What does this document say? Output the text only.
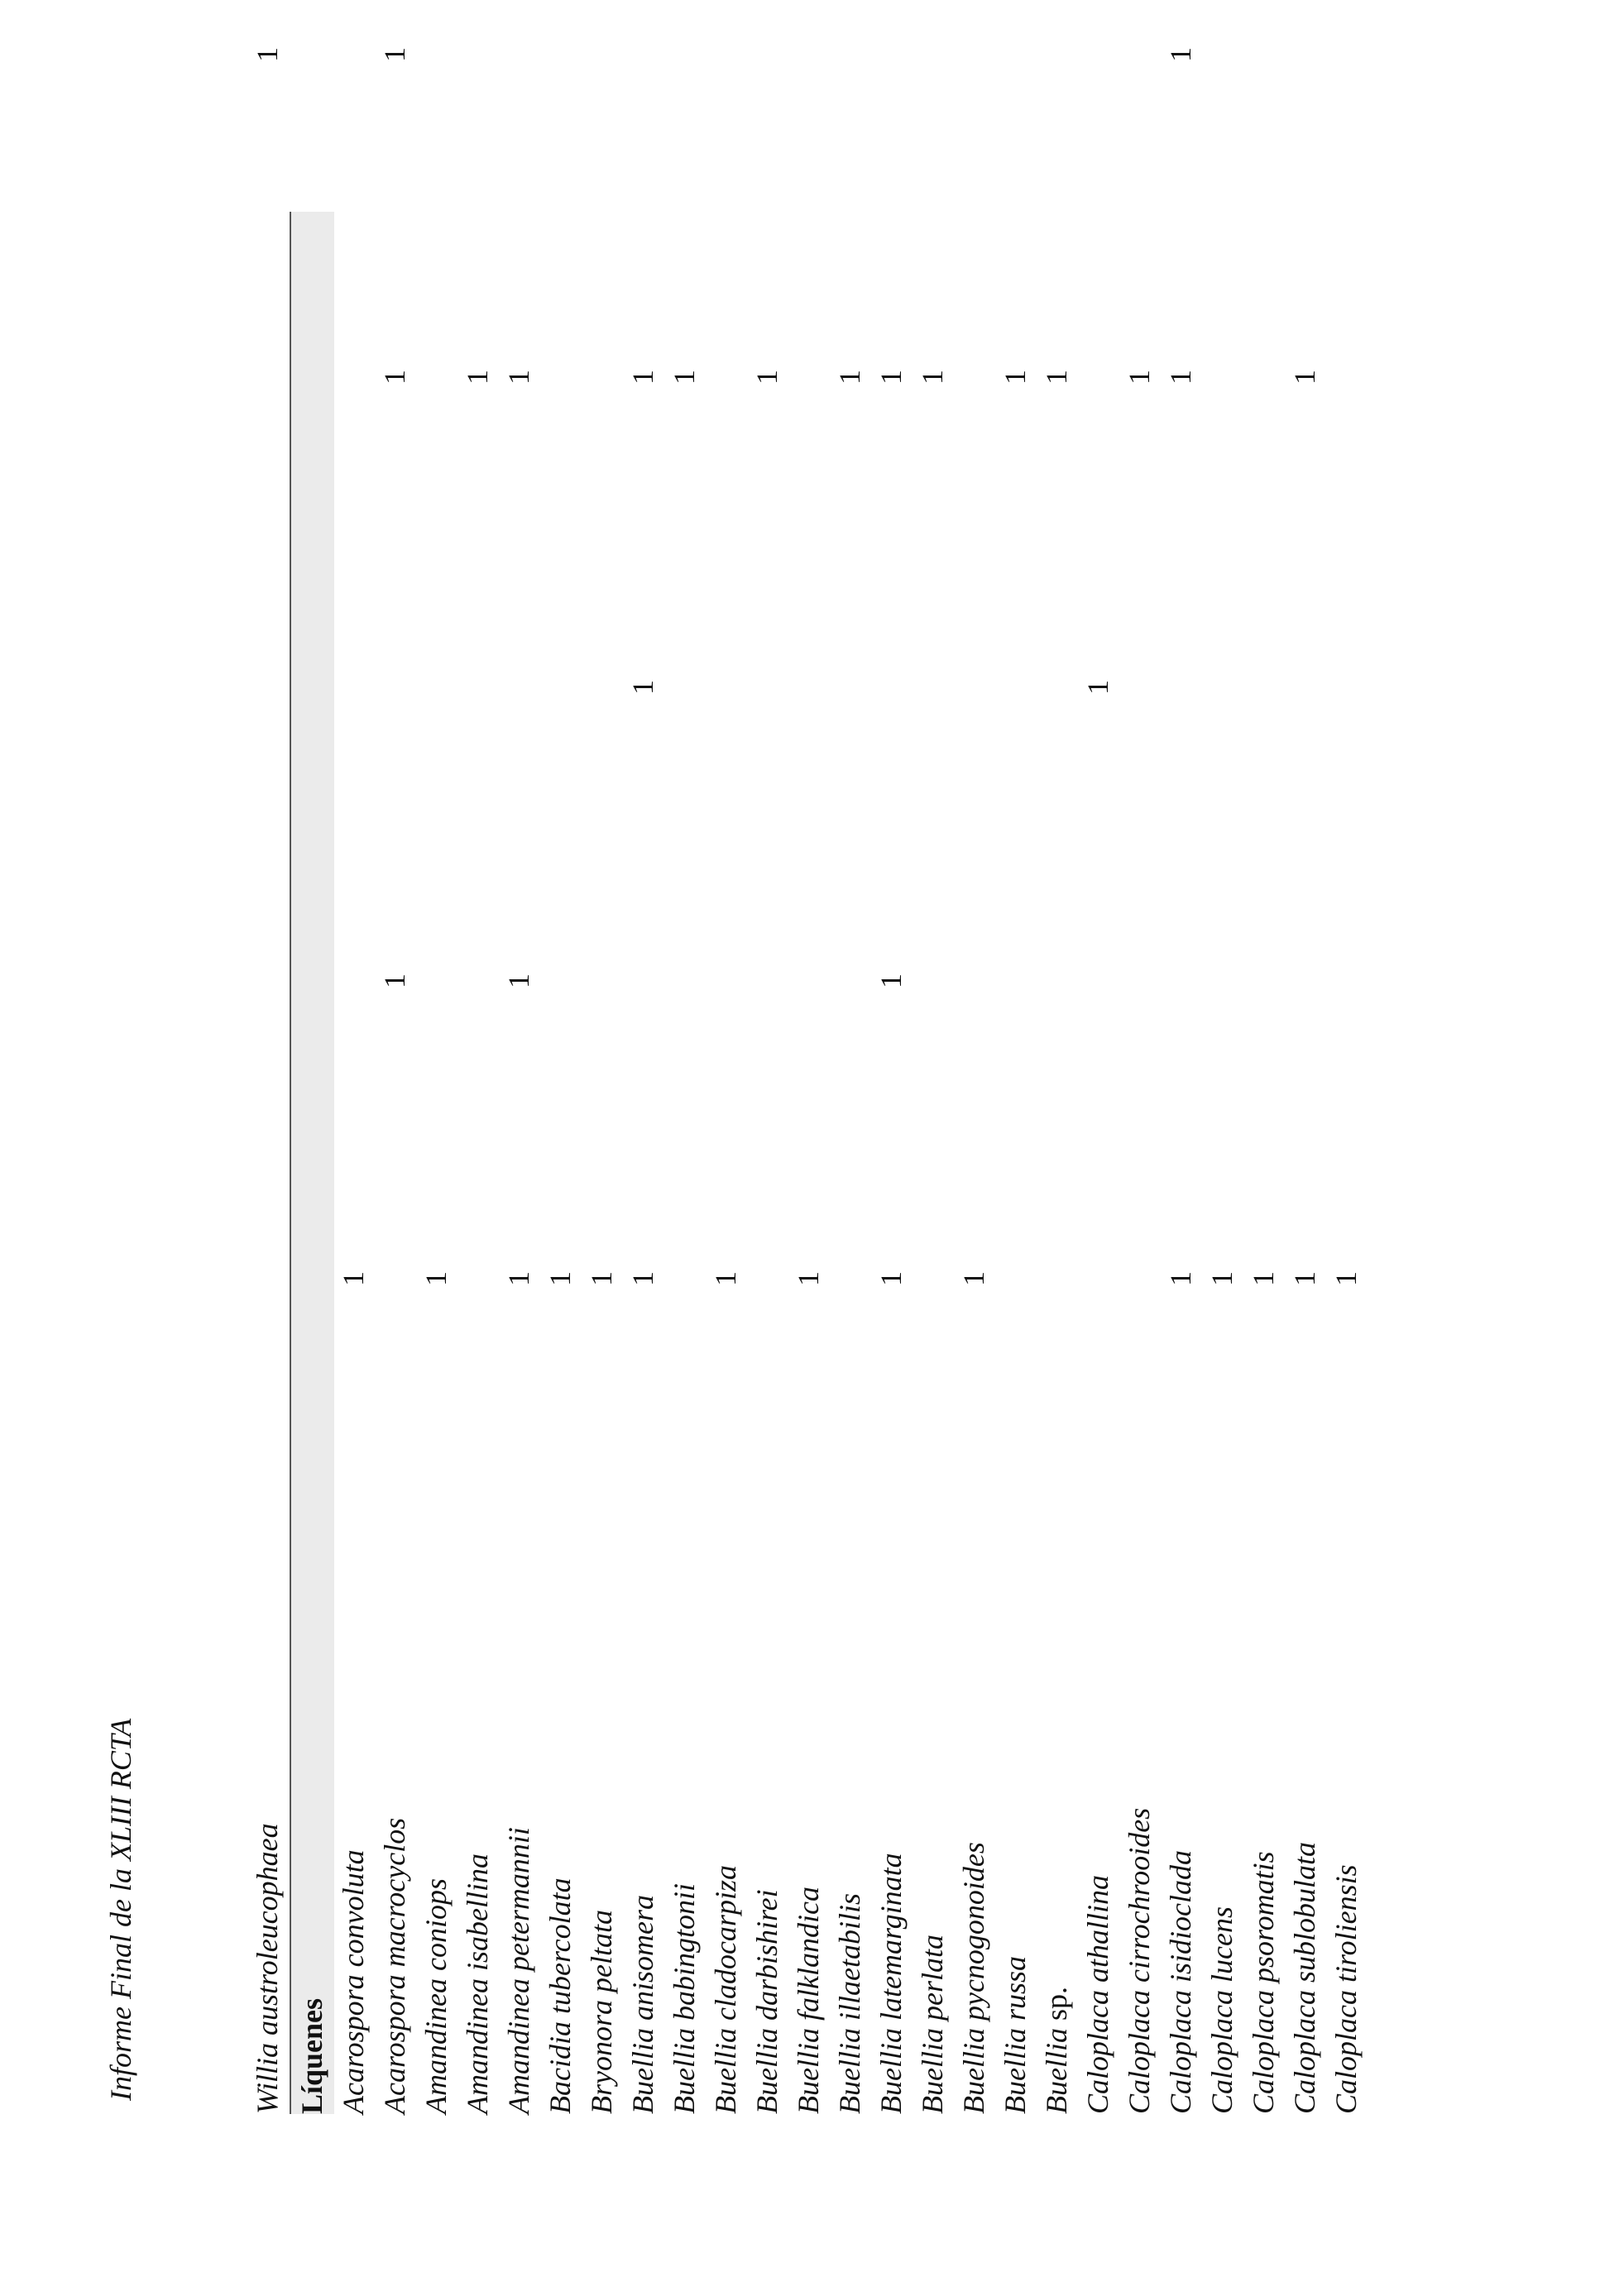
Informe Final de la XLIII RCTA	Willia austroleucophaea
1
Líquenes Acarospora convoluta
1
Acarospora macrocyclos
1
1
1
Amandinea coniops
1
Amandinea isabellina
1
Amandinea petermannii
1
1
1
Bacidia tubercolata
1
Bryonora peltata
1
Buellia anisomera
1
1
1
Buellia babingtonii
1
Buellia cladocarpiza
1
Buellia darbishirei
1
Buellia falklandica
1
Buellia illaetabilis
1
Buellia latemarginata
1
1
1
Buellia perlata
1
Buellia pycnogonoides
1
Buellia russa
1
Buellia sp.
1
Caloplaca athallina
1
Caloplaca cirrochrooides
1
Caloplaca isidioclada
1
1
1
Caloplaca lucens
1
Caloplaca psoromatis
1
Caloplaca sublobulata
1
1
Caloplaca tiroliensis
1
